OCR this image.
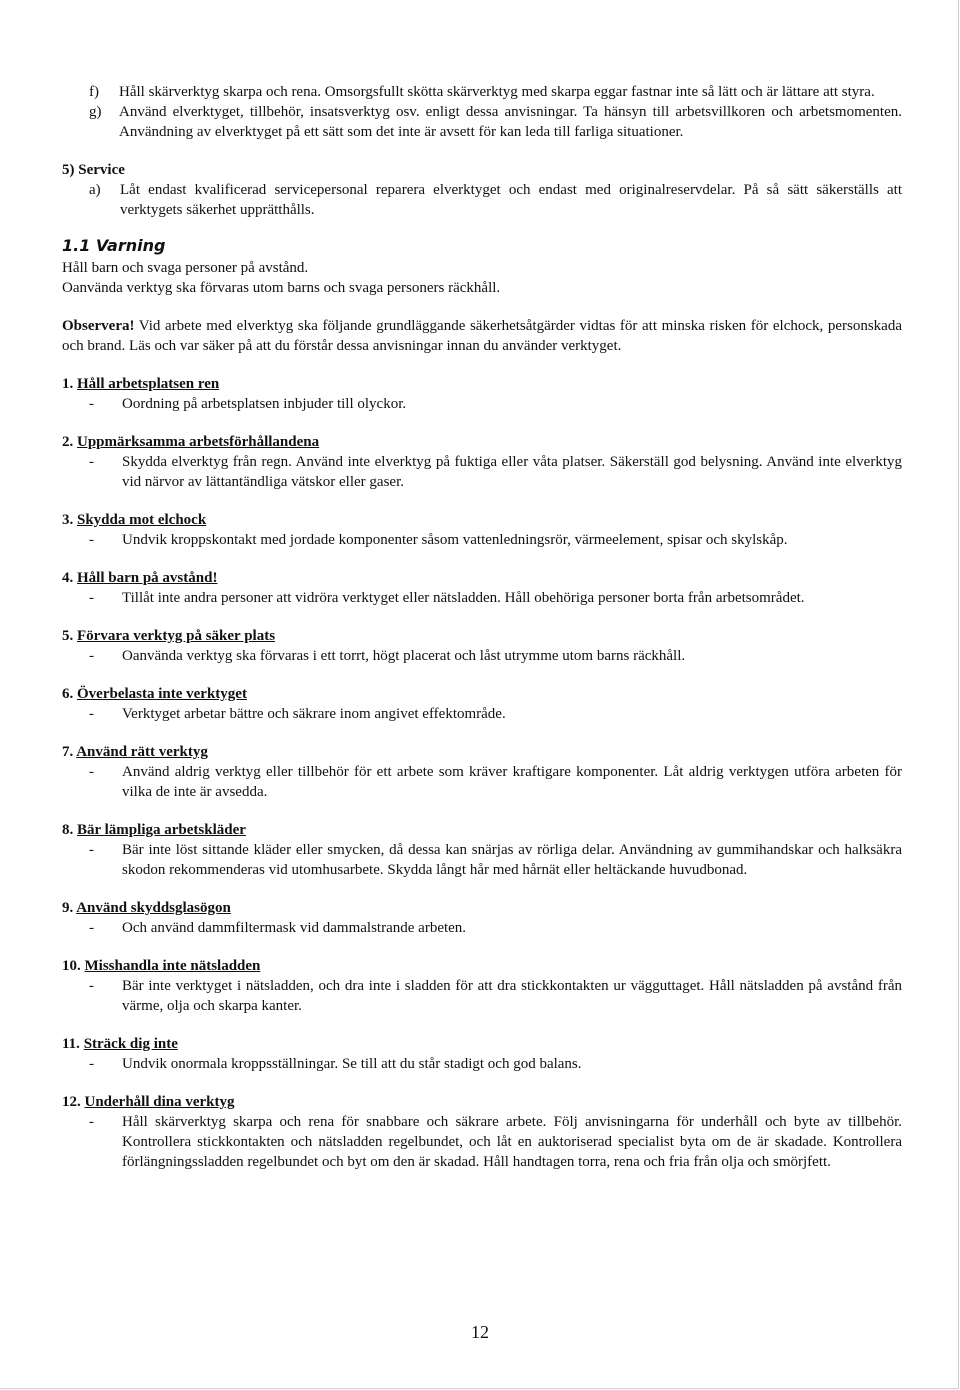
f)	Håll skärverktyg skarpa och rena. Omsorgsfullt skötta skärverktyg med skarpa eggar fastnar inte så lätt och är lättare att styra.
g)	Använd elverktyget, tillbehör, insatsverktyg osv. enligt dessa anvisningar. Ta hänsyn till arbetsvillkoren och arbetsmomenten. Användning av elverktyget på ett sätt som det inte är avsett för kan leda till farliga situationer.
5) Service
a)	Låt endast kvalificerad servicepersonal reparera elverktyget och endast med originalreservdelar. På så sätt säkerställs att verktygets säkerhet upprätthålls.
1.1 Varning
Håll barn och svaga personer på avstånd.
Oanvända verktyg ska förvaras utom barns och svaga personers räckhåll.
Observera! Vid arbete med elverktyg ska följande grundläggande säkerhetsåtgärder vidtas för att minska risken för elchock, personskada och brand. Läs och var säker på att du förstår dessa anvisningar innan du använder verktyget.
1. Håll arbetsplatsen ren
-	Oordning på arbetsplatsen inbjuder till olyckor.
2. Uppmärksamma arbetsförhållandena
-	Skydda elverktyg från regn. Använd inte elverktyg på fuktiga eller våta platser. Säkerställ god belysning. Använd inte elverktyg vid närvor av lättantändliga vätskor eller gaser.
3. Skydda mot elchock
-	Undvik kroppskontakt med jordade komponenter såsom vattenledningsrör, värmeelement, spisar och skylskåp.
4. Håll barn på avstånd!
-	Tillåt inte andra personer att vidröra verktyget eller nätsladden. Håll obehöriga personer borta från arbetsområdet.
5. Förvara verktyg på säker plats
-	Oanvända verktyg ska förvaras i ett torrt, högt placerat och låst utrymme utom barns räckhåll.
6. Överbelasta inte verktyget
-	Verktyget arbetar bättre och säkrare inom angivet effektområde.
7. Använd rätt verktyg
-	Använd aldrig verktyg eller tillbehör för ett arbete som kräver kraftigare komponenter. Låt aldrig verktygen utföra arbeten för vilka de inte är avsedda.
8. Bär lämpliga arbetskläder
-	Bär inte löst sittande kläder eller smycken, då dessa kan snärjas av rörliga delar. Användning av gummihandskar och halksäkra skodon rekommenderas vid utomhusarbete. Skydda långt hår med hårnät eller heltäckande huvudbonad.
9. Använd skyddsglasögon
-	Och använd dammfiltermask vid dammalstrande arbeten.
10. Misshandla inte nätsladden
-	Bär inte verktyget i nätsladden, och dra inte i sladden för att dra stickkontakten ur vägguttaget. Håll nätsladden på avstånd från värme, olja och skarpa kanter.
11. Sträck dig inte
-	Undvik onormala kroppsställningar. Se till att du står stadigt och god balans.
12. Underhåll dina verktyg
-	Håll skärverktyg skarpa och rena för snabbare och säkrare arbete. Följ anvisningarna för underhåll och byte av tillbehör. Kontrollera stickkontakten och nätsladden regelbundet, och låt en auktoriserad specialist byta om de är skadade. Kontrollera förlängningssladden regelbundet och byt om den är skadad. Håll handtagen torra, rena och fria från olja och smörjfett.
12
